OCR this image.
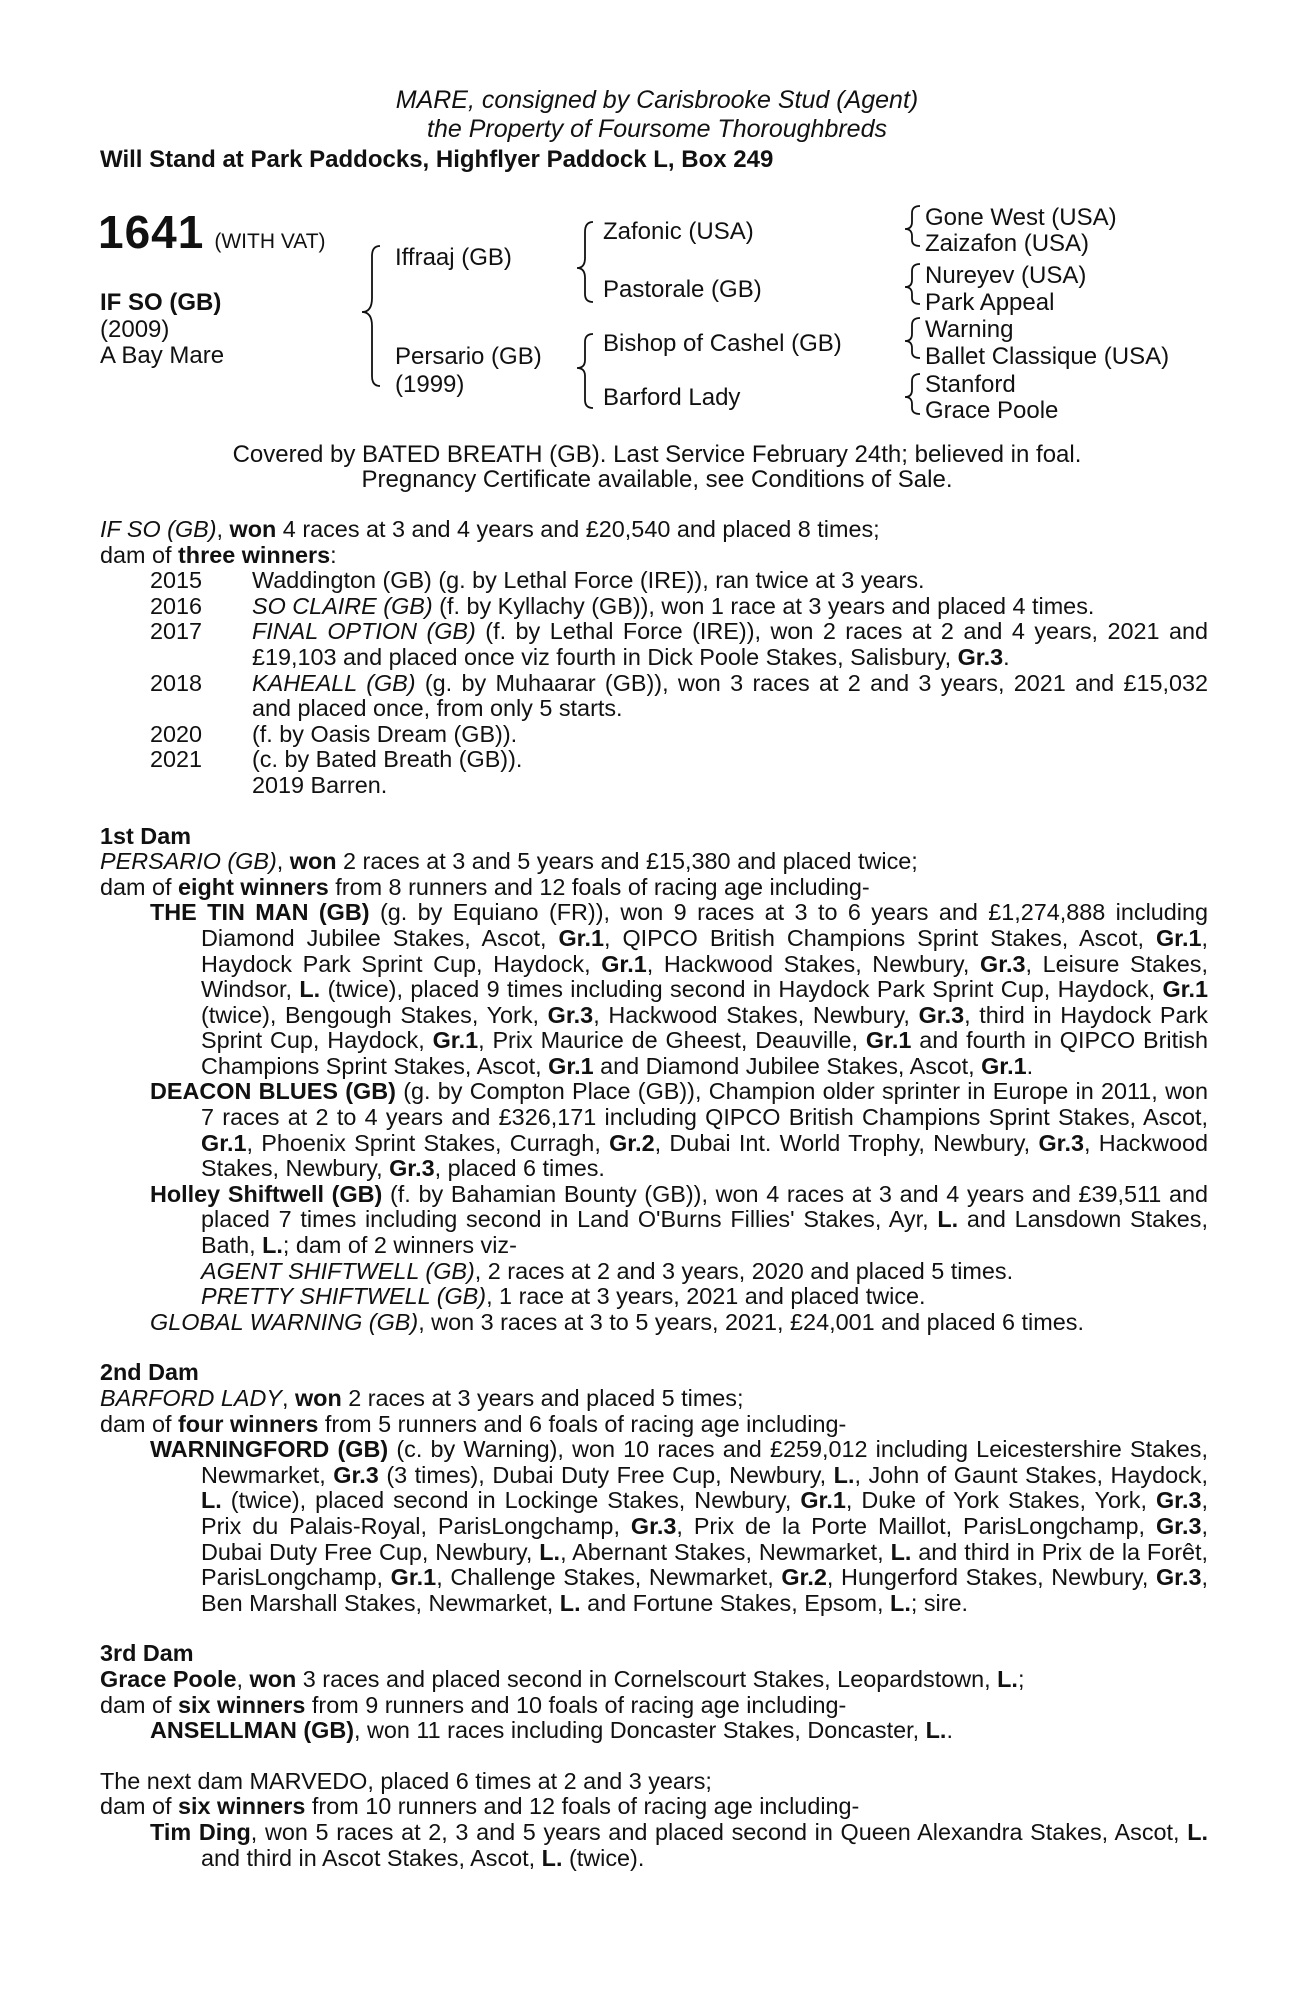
MARE, consigned by Carisbrooke Stud (Agent)
the Property of Foursome Thoroughbreds
Will Stand at Park Paddocks, Highflyer Paddock L, Box 249
1641 (WITH VAT)
IF SO (GB)
(2009)
A Bay Mare
Iffraaj (GB)
Persario (GB)
(1999)
Zafonic (USA)
Pastorale (GB)
Bishop of Cashel (GB)
Barford Lady
Gone West (USA)
Zaizafon (USA)
Nureyev (USA)
Park Appeal
Warning
Ballet Classique (USA)
Stanford
Grace Poole
Covered by BATED BREATH (GB). Last Service February 24th; believed in foal.
Pregnancy Certificate available, see Conditions of Sale.

IF SO (GB), won 4 races at 3 and 4 years and £20,540 and placed 8 times;

dam of three winners:

2015	Waddington (GB) (g. by Lethal Force (IRE)), ran twice at 3 years.
2016	SO CLAIRE (GB) (f. by Kyllachy (GB)), won 1 race at 3 years and placed 4 times.
2017	FINAL OPTION (GB) (f. by Lethal Force (IRE)), won 2 races at 2 and 4 years, 2021 and £19,103 and placed once viz fourth in Dick Poole Stakes, Salisbury, Gr.3.
2018	KAHEALL (GB) (g. by Muhaarar (GB)), won 3 races at 2 and 3 years, 2021 and £15,032 and placed once, from only 5 starts.
2020	(f. by Oasis Dream (GB)).
2021	(c. by Bated Breath (GB)).
2019 Barren.

1st Dam

PERSARIO (GB), won 2 races at 3 and 5 years and £15,380 and placed twice;

dam of eight winners from 8 runners and 12 foals of racing age including-

THE TIN MAN (GB) (g. by Equiano (FR)), won 9 races at 3 to 6 years and £1,274,888 including Diamond Jubilee Stakes, Ascot, Gr.1, QIPCO British Champions Sprint Stakes, Ascot, Gr.1, Haydock Park Sprint Cup, Haydock, Gr.1, Hackwood Stakes, Newbury, Gr.3, Leisure Stakes, Windsor, L. (twice), placed 9 times including second in Haydock Park Sprint Cup, Haydock, Gr.1 (twice), Bengough Stakes, York, Gr.3, Hackwood Stakes, Newbury, Gr.3, third in Haydock Park Sprint Cup, Haydock, Gr.1, Prix Maurice de Gheest, Deauville, Gr.1 and fourth in QIPCO British Champions Sprint Stakes, Ascot, Gr.1 and Diamond Jubilee Stakes, Ascot, Gr.1.

DEACON BLUES (GB) (g. by Compton Place (GB)), Champion older sprinter in Europe in 2011, won 7 races at 2 to 4 years and £326,171 including QIPCO British Champions Sprint Stakes, Ascot, Gr.1, Phoenix Sprint Stakes, Curragh, Gr.2, Dubai Int. World Trophy, Newbury, Gr.3, Hackwood Stakes, Newbury, Gr.3, placed 6 times.

Holley Shiftwell (GB) (f. by Bahamian Bounty (GB)), won 4 races at 3 and 4 years and £39,511 and placed 7 times including second in Land O'Burns Fillies' Stakes, Ayr, L. and Lansdown Stakes, Bath, L.; dam of 2 winners viz-

AGENT SHIFTWELL (GB), 2 races at 2 and 3 years, 2020 and placed 5 times.

PRETTY SHIFTWELL (GB), 1 race at 3 years, 2021 and placed twice.

GLOBAL WARNING (GB), won 3 races at 3 to 5 years, 2021, £24,001 and placed 6 times.

2nd Dam

BARFORD LADY, won 2 races at 3 years and placed 5 times;

dam of four winners from 5 runners and 6 foals of racing age including-

WARNINGFORD (GB) (c. by Warning), won 10 races and £259,012 including Leicestershire Stakes, Newmarket, Gr.3 (3 times), Dubai Duty Free Cup, Newbury, L., John of Gaunt Stakes, Haydock, L. (twice), placed second in Lockinge Stakes, Newbury, Gr.1, Duke of York Stakes, York, Gr.3, Prix du Palais-Royal, ParisLongchamp, Gr.3, Prix de la Porte Maillot, ParisLongchamp, Gr.3, Dubai Duty Free Cup, Newbury, L., Abernant Stakes, Newmarket, L. and third in Prix de la Forêt, ParisLongchamp, Gr.1, Challenge Stakes, Newmarket, Gr.2, Hungerford Stakes, Newbury, Gr.3, Ben Marshall Stakes, Newmarket, L. and Fortune Stakes, Epsom, L.; sire.

3rd Dam

Grace Poole, won 3 races and placed second in Cornelscourt Stakes, Leopardstown, L.;

dam of six winners from 9 runners and 10 foals of racing age including-

ANSELLMAN (GB), won 11 races including Doncaster Stakes, Doncaster, L..

The next dam MARVEDO, placed 6 times at 2 and 3 years;

dam of six winners from 10 runners and 12 foals of racing age including-

Tim Ding, won 5 races at 2, 3 and 5 years and placed second in Queen Alexandra Stakes, Ascot, L. and third in Ascot Stakes, Ascot, L. (twice).
